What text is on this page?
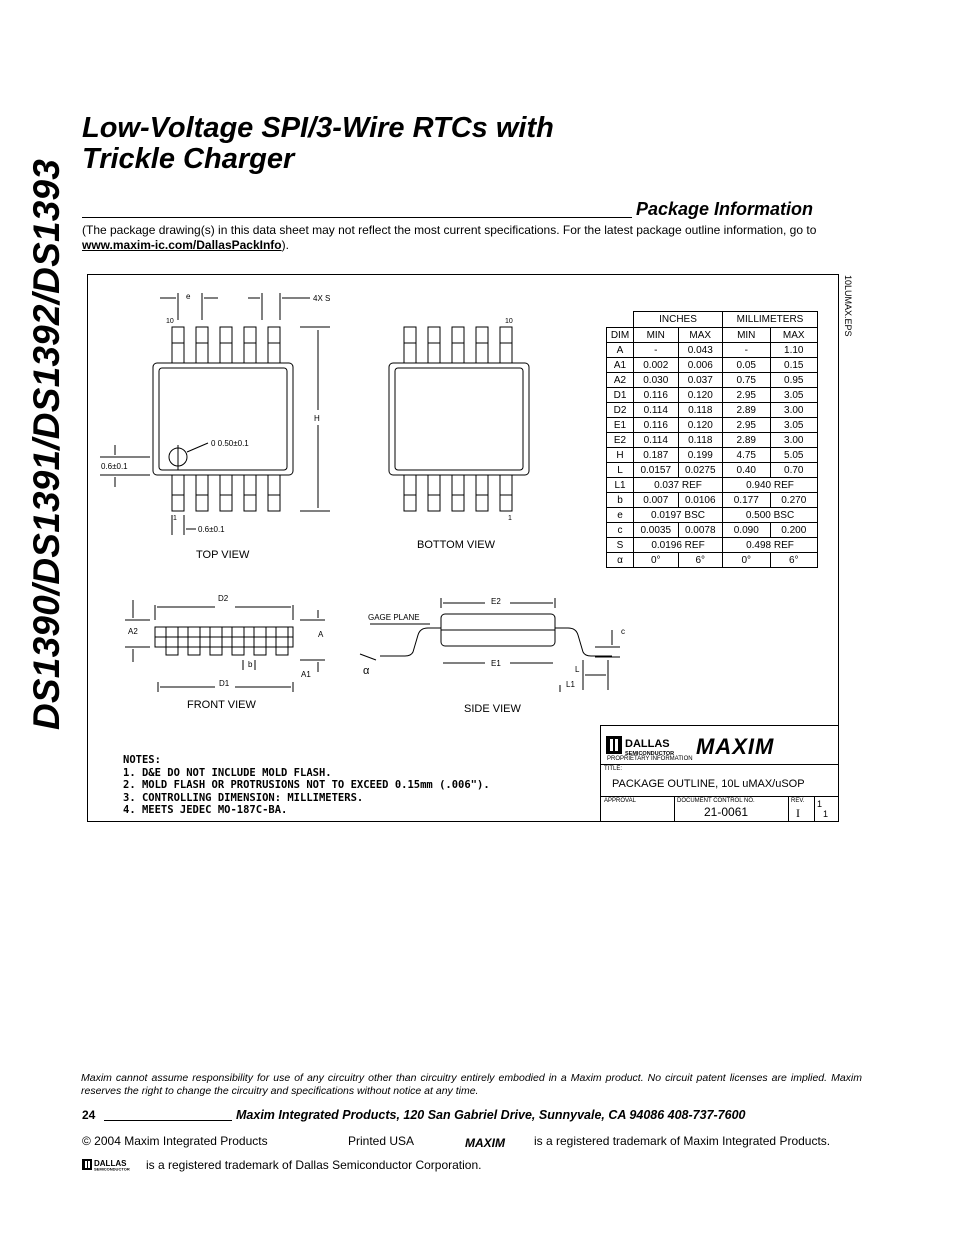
DS1390/DS1391/DS1392/DS1393
Low-Voltage SPI/3-Wire RTCs with
Trickle Charger
Package Information
(The package drawing(s) in this data sheet may not reflect the most current specifications. For the latest package outline information, go to www.maxim-ic.com/DallasPackInfo).
10LUMAX.EPS
e	4X S
10	10
1	1
H
0 0.50±0.1
0.6±0.1
0.6±0.1
TOP VIEW
BOTTOM VIEW
D2
A2	A
b
A1
D1
FRONT VIEW
E2
GAGE PLANE
c
α
E1
L
L1
SIDE VIEW
	INCHES		MILLIMETERS	
DIM	MIN	MAX	MIN	MAX
A	-	0.043	-	1.10
A1	0.002	0.006	0.05	0.15
A2	0.030	0.037	0.75	0.95
D1	0.116	0.120	2.95	3.05
D2	0.114	0.118	2.89	3.00
E1	0.116	0.120	2.95	3.05
E2	0.114	0.118	2.89	3.00
H	0.187	0.199	4.75	5.05
L	0.0157	0.0275	0.40	0.70
L1	0.037 REF		0.940 REF	
b	0.007	0.0106	0.177	0.270
e	0.0197 BSC		0.500 BSC	
c	0.0035	0.0078	0.090	0.200
S	0.0196 REF		0.498 REF	
α	0°	6°	0°	6°
NOTES:
1. D&E DO NOT INCLUDE MOLD FLASH.
2. MOLD FLASH OR PROTRUSIONS NOT TO EXCEED 0.15mm (.006").
3. CONTROLLING DIMENSION: MILLIMETERS.
4. MEETS JEDEC MO-187C-BA.
DALLAS
SEMICONDUCTOR MAXIM
PROPRIETARY INFORMATION
TITLE:
PACKAGE OUTLINE, 10L uMAX/uSOP
APPROVAL	DOCUMENT CONTROL NO.
21-0061
REV.
I
1
1
Maxim cannot assume responsibility for use of any circuitry other than circuitry entirely embodied in a Maxim product. No circuit patent licenses are implied. Maxim reserves the right to change the circuitry and specifications without notice at any time.
24	Maxim Integrated Products, 120 San Gabriel Drive, Sunnyvale, CA 94086 408-737-7600
© 2004 Maxim Integrated Products	Printed USA	MAXIM is a registered trademark of Maxim Integrated Products.
DALLAS
SEMICONDUCTOR is a registered trademark of Dallas Semiconductor Corporation.
